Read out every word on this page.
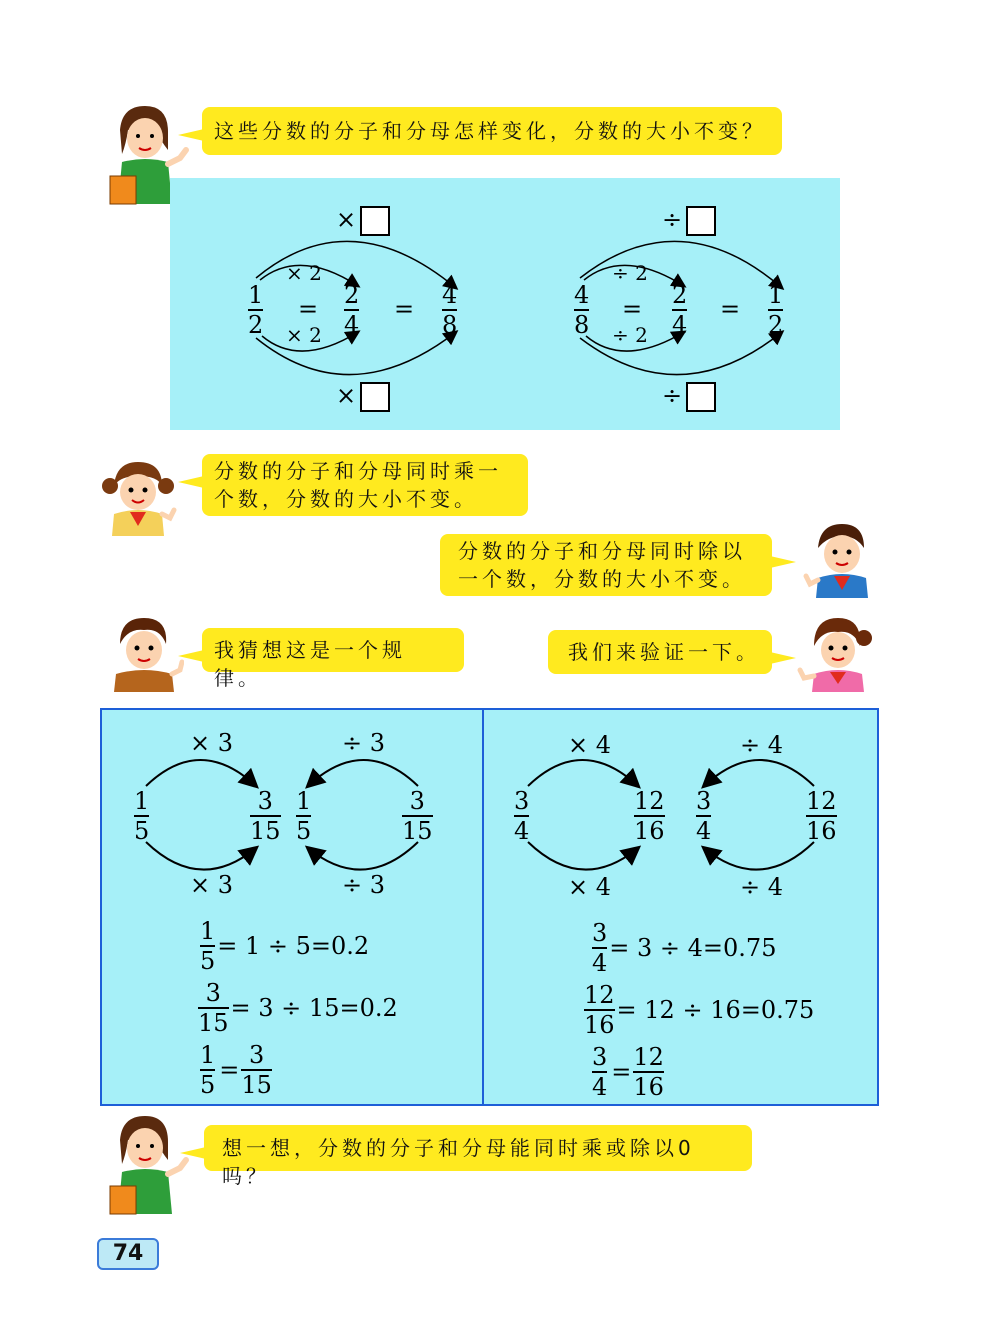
这些分数的分子和分母怎样变化，分数的大小不变？
分数的分子和分母同时乘一
个数，分数的大小不变。
分数的分子和分母同时除以
一个数，分数的大小不变。
我猜想这是一个规律。
我们来验证一下。
想一想，分数的分子和分母能同时乘或除以0吗？
×
× 2
1
2
= 2
4
= 4
8
× 2
×
÷
÷ 2
4
8
= 2
4
= 1
2
÷ 2
÷
× 3	÷ 3
1
5
3
15
1
5
3
15
× 3	÷ 3
$\frac{1}{5} = 1 \div 5=0.2$
$\frac{3}{15} = 3 \div 15=0.2$
$\frac{1}{5} = \frac{3}{15}$
× 4	÷ 4
3
4
12
16
3
4
12
16
× 4	÷ 4
$\frac{3}{4} = 3 \div 4=0.75$
$\frac{12}{16} = 12 \div 16=0.75$
$\frac{3}{4} = \frac{12}{16}$
74
